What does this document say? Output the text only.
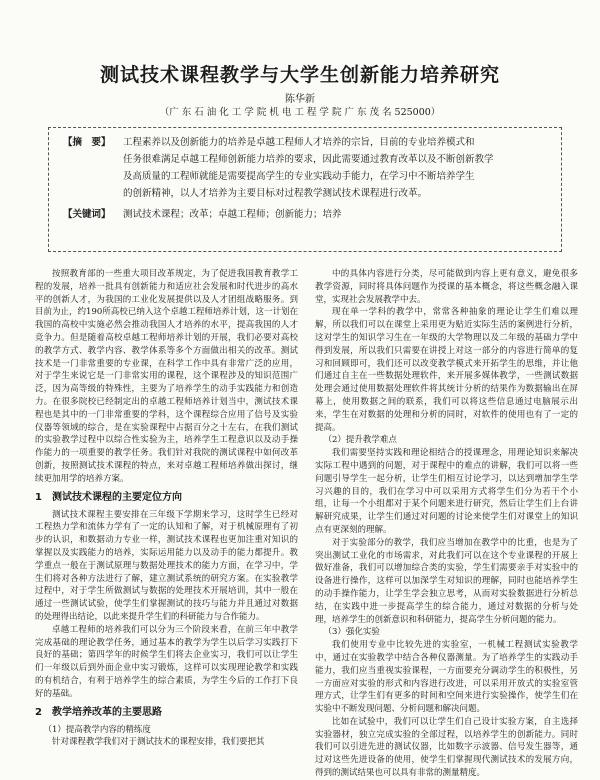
测试技术课程教学与大学生创新能力培养研究
陈华新
（广 东 石 油 化 工 学 院 机 电 工 程 学 院 广 东 茂 名 525000）

【摘　要】 工程素养以及创新能力的培养是卓越工程师人才培养的宗旨，目前的专业培养模式和

任务很难满足卓越工程师创新能力培养的要求，因此需要通过教育改革以及不断创新教学

及高质量的工程师就能是需要提高学生的专业实践动手能力，在学习中不断培养学生

的创新精神，以人才培养为主要目标对过程教学测试技术课程进行改革。

【关键词】 测试技术课程；改革；卓越工程师；创新能力；培养

按照教育部的一些重大项目改革规定，为了促进我国教育教学工程的发展，培养一批具有创新能力和适应社会发展和时代进步的高水平的创新人才，为我国的工业化发展提供以及人才团组战略服务。到目前为止，约190所高校已纳入这个卓越工程师培养计划，这一计划在我国的高校中实施必然会推动我国人才培养的水平，提高我国的人才竞争力。但是随着高校卓越工程师培养计划的开展，我们必要对高校的教学方式、教学内容、教学体系等多个方面做出相关的改革。测试技术是一门非常重要的专业课，在科学工作中具有非常广泛的应用，对于学生来说它是一门非常实用的课程，这个课程涉及的知识范围广泛，因为高等级的特殊性，主要为了培养学生的动手实践能力和创造力。在很多院校已经制定出的卓越工程师培养计划当中，测试技术课程也是其中的一门非常重要的学科，这个课程综合应用了信号及实验仪器等领域的综合，是在实验课程中占据百分之十左右，在我们测试的实验教学过程中以综合性实验为主，培养学生工程意识以及动手操作能力的一项重要的教学任务。我们针对我院的测试课程中如何改革创新，按照测试技术课程的特点，来对卓越工程师培养做出探讨，继续更加用学的培养方案。

1　测试技术课程的主要定位方向

测试技术课程主要安排在三年级下学期来学习，这时学生已经对工程热力学和流体力学有了一定的认知和了解，对于机械原理有了初步的认识，和数据动力专业一样，测试技术课程也更加注重对知识的掌握以及实践能力的培养，实际运用能力以及动手的能力都提升。教学重点一般在于测试原理与数据处理技术的能力方面，在学习中，学生们将对各种方法进行了解，建立测试系统的研究方案。在实验教学过程中，对于学生所做测试与数据的处理技术开展培训，其中一般在通过一些测试试验，使学生们掌握测试的技巧与能力并且通过对数据的处理得出结论，以此来提升学生们的科研能力与合作能力。

卓越工程师的培养我们可以分为三个阶段来看，在前三年中教学完成基础的理论教学任务，通过基本的教学为学生以后学习实践打下良好的基础；第四学年的时候学生们将去企业实习，我们可以让学生们一年级以后到外面企业中实习锻炼，这样可以实现理论教学和实践的有机结合，有利于培养学生的综合素质，为学生今后的工作打下良好的基础。

2　教学培养改革的主要思路

（1）提高教学内容的精练度

针对课程教学我们对于测试技术的课程安排，我们要把其

中的具体内容进行分类，尽可能做到内容上更有意义，避免很多教学资源，同时将具体问题作为授课的基本概念，将这些概念融入课堂，实现社会发展教学中去。

现在单一学科的教学中，常常各种抽象的理论让学生们难以理解，所以我们可以在课堂上采用更为贴近实际生活的案例进行分析，这对学生的知识学习生在一年级的大学物理以及二年级的基础力学中得到发展，所以我们只需要在讲授上对这一部分的内容进行简单的复习和回顾即可，我们还可以改变教学模式来开拓学生的思维，并让他们通过自主在一些数据处理软件，来开展多媒体教学，一些测试数据处理会通过使用数据处理软件将其统计分析的结果作为数据输出在屏幕上，使用数据之间的联系，我们可以将这些信息通过电脑展示出来，学生在对数据的处理和分析的同时，对软件的使用也有了一定的提高。

（2）提升教学难点

我们需要坚持实践和理论相结合的授课理念，用理论知识来解决实际工程中遇到的问题，对于课程中的难点的讲解，我们可以将一些问题引导学生一起分析，让学生们相互讨论学习，以达到增加学生学习兴趣的目的，我们在学习中可以采用方式将学生们分为若干个小组，让每一个小组都对于某个问题来进行研究，然后让学生们上台讲解研究成果，让学生们通过对问题的讨论来使学生们对课堂上的知识点有更深刻的理解。

对于实验部分的教学，我们应当增加在教学中的比重，也是为了突出测试工业化的市场需求，对此我们可以在这个专业课程的开展上做好准备，我们可以增加综合类的实验，学生们需要亲手对实验中的设备进行操作，这样可以加深学生对知识的理解，同时也能培养学生的动手操作能力，让学生学会独立思考，从而对实验数据进行分析总结，在实践中进一步提高学生的综合能力，通过对数据的分析与处理，培养学生的创新意识和科研能力，提高学生分析问题的能力。

（3）强化实验

我们使用专业中比较先进的实验室，一机械工程测试实验教学中，通过在实验教学中结合各种仪器测量。为了培养学生的实践动手能力，我们应当重视实验课程，一方面要充分调动学生的积极性，另一方面应对实验的形式和内容进行改进，可以采用开放式的实验室管理方式，让学生们有更多的时间和空间来进行实验操作，使学生们在实验中不断发现问题、分析问题和解决问题。

比如在试验中，我们可以让学生们自己设计实验方案，自主选择实验器材，独立完成实验的全部过程，以培养学生的创新能力。同时我们可以引进先进的测试仪器，比如数字示波器、信号发生器等，通过对这些先进设备的使用，使学生们掌握现代测试技术的发展方向，得到的测试结果也可以具有非常的测量精度。
